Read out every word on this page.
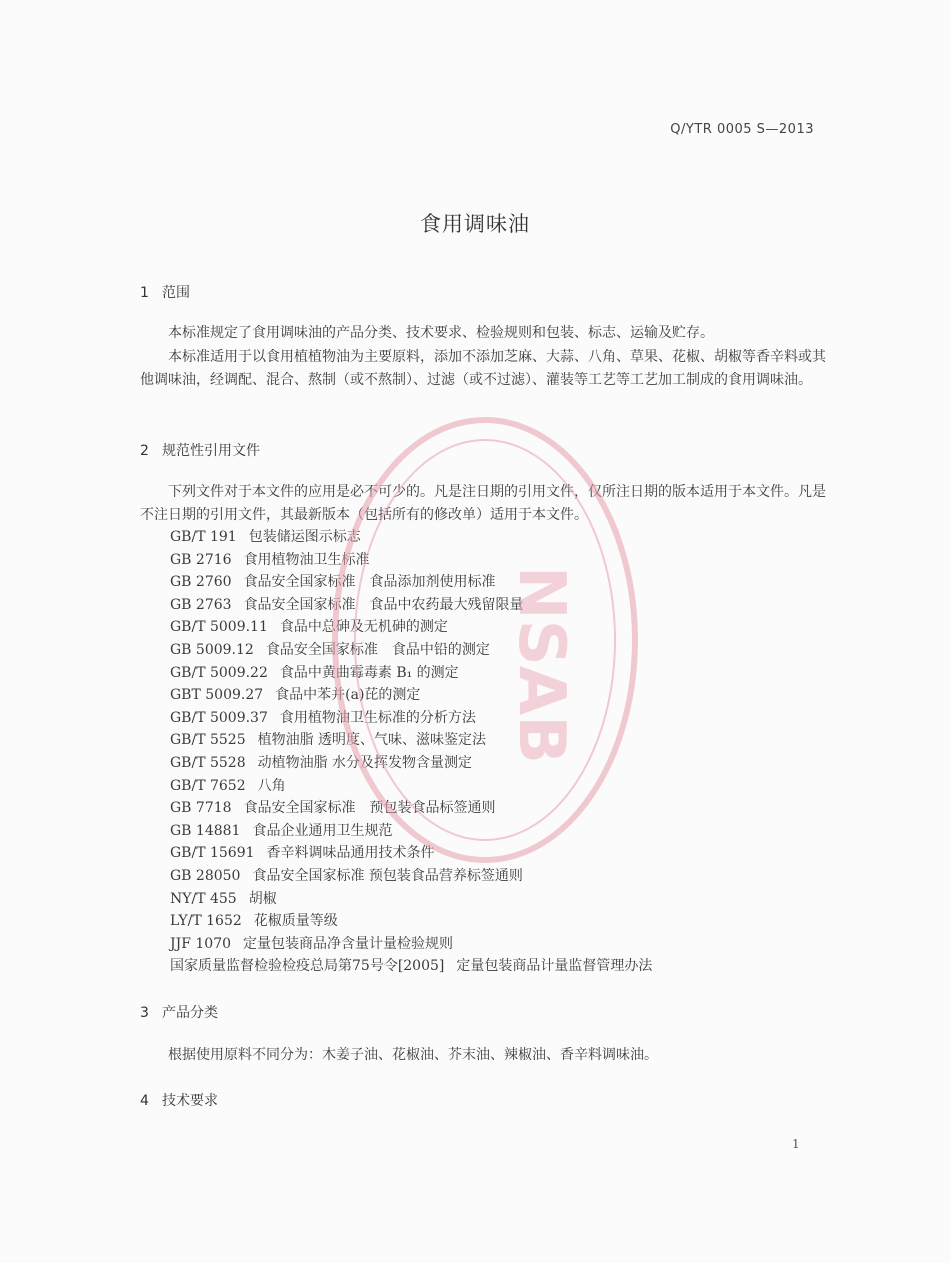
Q/YTR 0005 S—2013
食用调味油
1 范围
本标准规定了食用调味油的产品分类、技术要求、检验规则和包装、标志、运输及贮存。
本标准适用于以食用植植物油为主要原料，添加不添加芝麻、大蒜、八角、草果、花椒、胡椒等香辛料或其他调味油，经调配、混合、熬制（或不熬制）、过滤（或不过滤）、灌装等工艺等工艺加工制成的食用调味油。
2 规范性引用文件
下列文件对于本文件的应用是必不可少的。凡是注日期的引用文件，仅所注日期的版本适用于本文件。凡是不注日期的引用文件，其最新版本（包括所有的修改单）适用于本文件。
GB/T 191 包装储运图示标志
GB 2716 食用植物油卫生标准
GB 2760 食品安全国家标准　食品添加剂使用标准
GB 2763 食品安全国家标准　食品中农药最大残留限量
GB/T 5009.11 食品中总砷及无机砷的测定
GB 5009.12 食品安全国家标准　食品中铅的测定
GB/T 5009.22 食品中黄曲霉毒素 B₁ 的测定
GBT 5009.27 食品中苯并(a)芘的测定
GB/T 5009.37 食用植物油卫生标准的分析方法
GB/T 5525 植物油脂 透明度、气味、滋味鉴定法
GB/T 5528 动植物油脂 水分及挥发物含量测定
GB/T 7652 八角
GB 7718 食品安全国家标准　预包装食品标签通则
GB 14881 食品企业通用卫生规范
GB/T 15691 香辛料调味品通用技术条件
GB 28050 食品安全国家标准 预包装食品营养标签通则
NY/T 455 胡椒
LY/T 1652 花椒质量等级
JJF 1070 定量包装商品净含量计量检验规则
国家质量监督检验检疫总局第75号令[2005] 定量包装商品计量监督管理办法
3 产品分类
根据使用原料不同分为：木姜子油、花椒油、芥末油、辣椒油、香辛料调味油。
4 技术要求
1
NSAB
